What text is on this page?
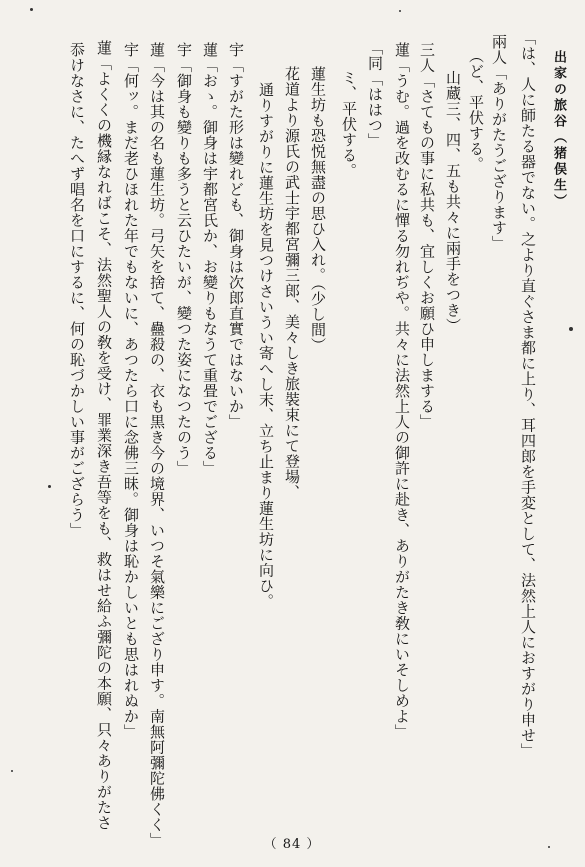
出家の旅谷（猪俣生）
「は、人に師たる器でない。之より直ぐさま都に上り、耳四郎を手変として、法然上人におすがり申せ」
兩人「ありがたうござります」
（ど、平伏する。
山蔵三、四、五も共々に兩手をつき）
三人「さてもの事に私共も、宜しくお願ひ申しまする」
蓮「うむ。過を改むるに憚る勿れぢや。共々に法然上人の御許に赴き、ありがたき敎にいそしめよ」
「同「ははつ」
ミ、平伏する。
蓮生坊も恐悦無盡の思ひ入れ。（少し間）
花道より源氏の武士宇都宮彌三郎、美々しき旅裝束にて登場、
通りすがりに蓮生坊を見つけさいうい寄へし末、立ち止まり蓮生坊に向ひ。
宇「すがた形は變れども、御身は次郎直實ではないか」
蓮「おゝ。御身は宇都宮氏か、お變りもなうて重畳でござる」
宇「御身も變りも多うと云ひたいが、變つた姿になつたのう」
蓮「今は其の名も蓮生坊。弓矢を捨て、蠱殺の、衣も黒き今の境界、いつそ氣樂にござり申す。南無阿彌陀佛くく」
宇「何ッ。まだ老ひほれた年でもないに、あつたら口に念佛三昧。御身は恥かしいとも思はれぬか」
蓮「よくくの機縁なればこそ、法然聖人の敎を受け、罪業深き吾等をも、救はせ給ふ彌陀の本願、只々ありがたさ
忝けなさに、たへず唱名を口にするに、何の恥づかしい事がござらう」
（ 84 ）
